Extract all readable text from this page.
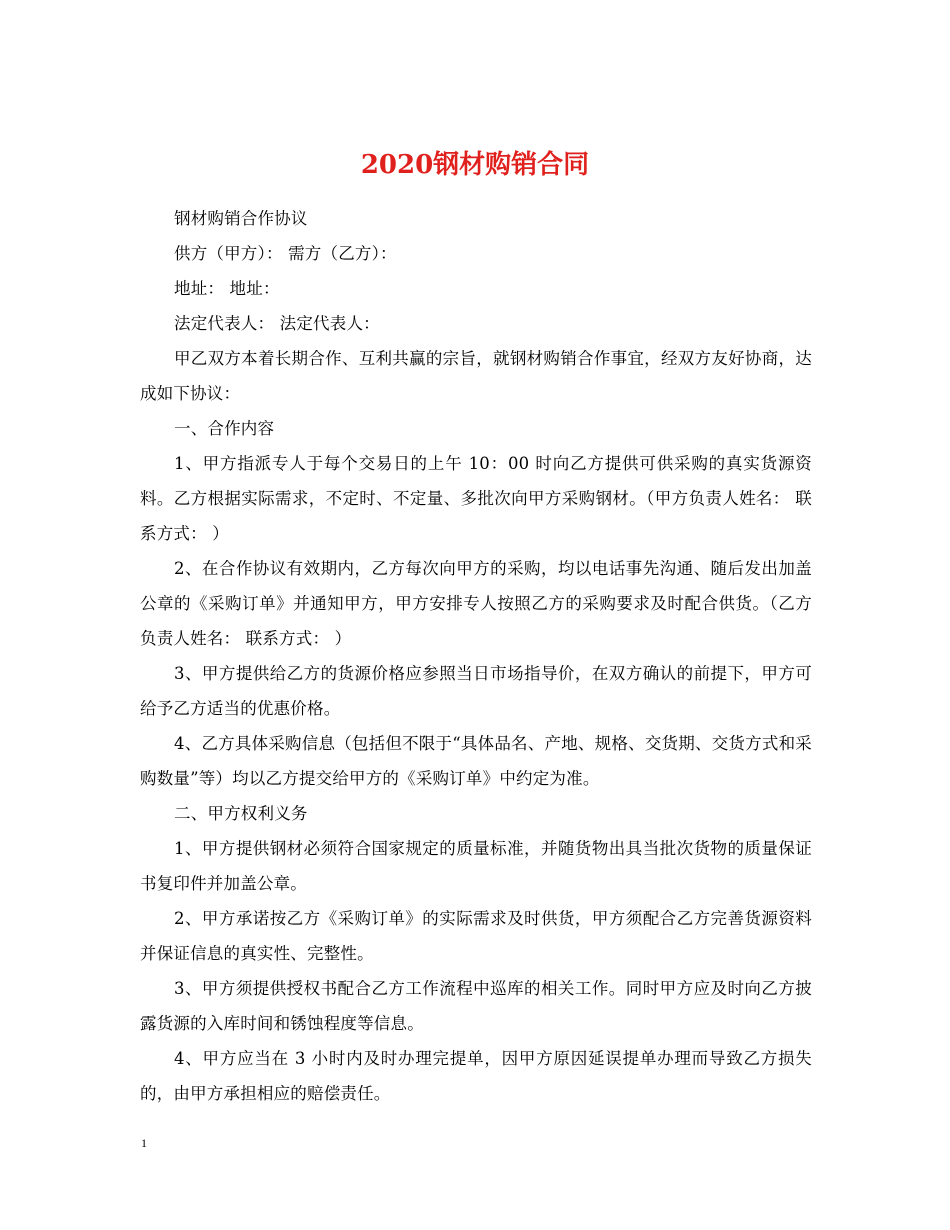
2020钢材购销合同

钢材购销合作协议

供方（甲方）： 需方（乙方）：

地址： 地址：

法定代表人： 法定代表人：

甲乙双方本着长期合作、互利共赢的宗旨，就钢材购销合作事宜，经双方友好协商，达成如下协议：

一、合作内容

1、甲方指派专人于每个交易日的上午 10：00 时向乙方提供可供采购的真实货源资料。乙方根据实际需求，不定时、不定量、多批次向甲方采购钢材。（甲方负责人姓名： 联系方式： ）

2、在合作协议有效期内，乙方每次向甲方的采购，均以电话事先沟通、随后发出加盖公章的《采购订单》并通知甲方，甲方安排专人按照乙方的采购要求及时配合供货。（乙方负责人姓名： 联系方式： ）

3、甲方提供给乙方的货源价格应参照当日市场指导价，在双方确认的前提下，甲方可给予乙方适当的优惠价格。

4、乙方具体采购信息（包括但不限于“具体品名、产地、规格、交货期、交货方式和采购数量”等）均以乙方提交给甲方的《采购订单》中约定为准。

二、甲方权利义务

1、甲方提供钢材必须符合国家规定的质量标准，并随货物出具当批次货物的质量保证书复印件并加盖公章。

2、甲方承诺按乙方《采购订单》的实际需求及时供货，甲方须配合乙方完善货源资料并保证信息的真实性、完整性。

3、甲方须提供授权书配合乙方工作流程中巡库的相关工作。同时甲方应及时向乙方披露货源的入库时间和锈蚀程度等信息。

4、甲方应当在 3 小时内及时办理完提单，因甲方原因延误提单办理而导致乙方损失的，由甲方承担相应的赔偿责任。

1
